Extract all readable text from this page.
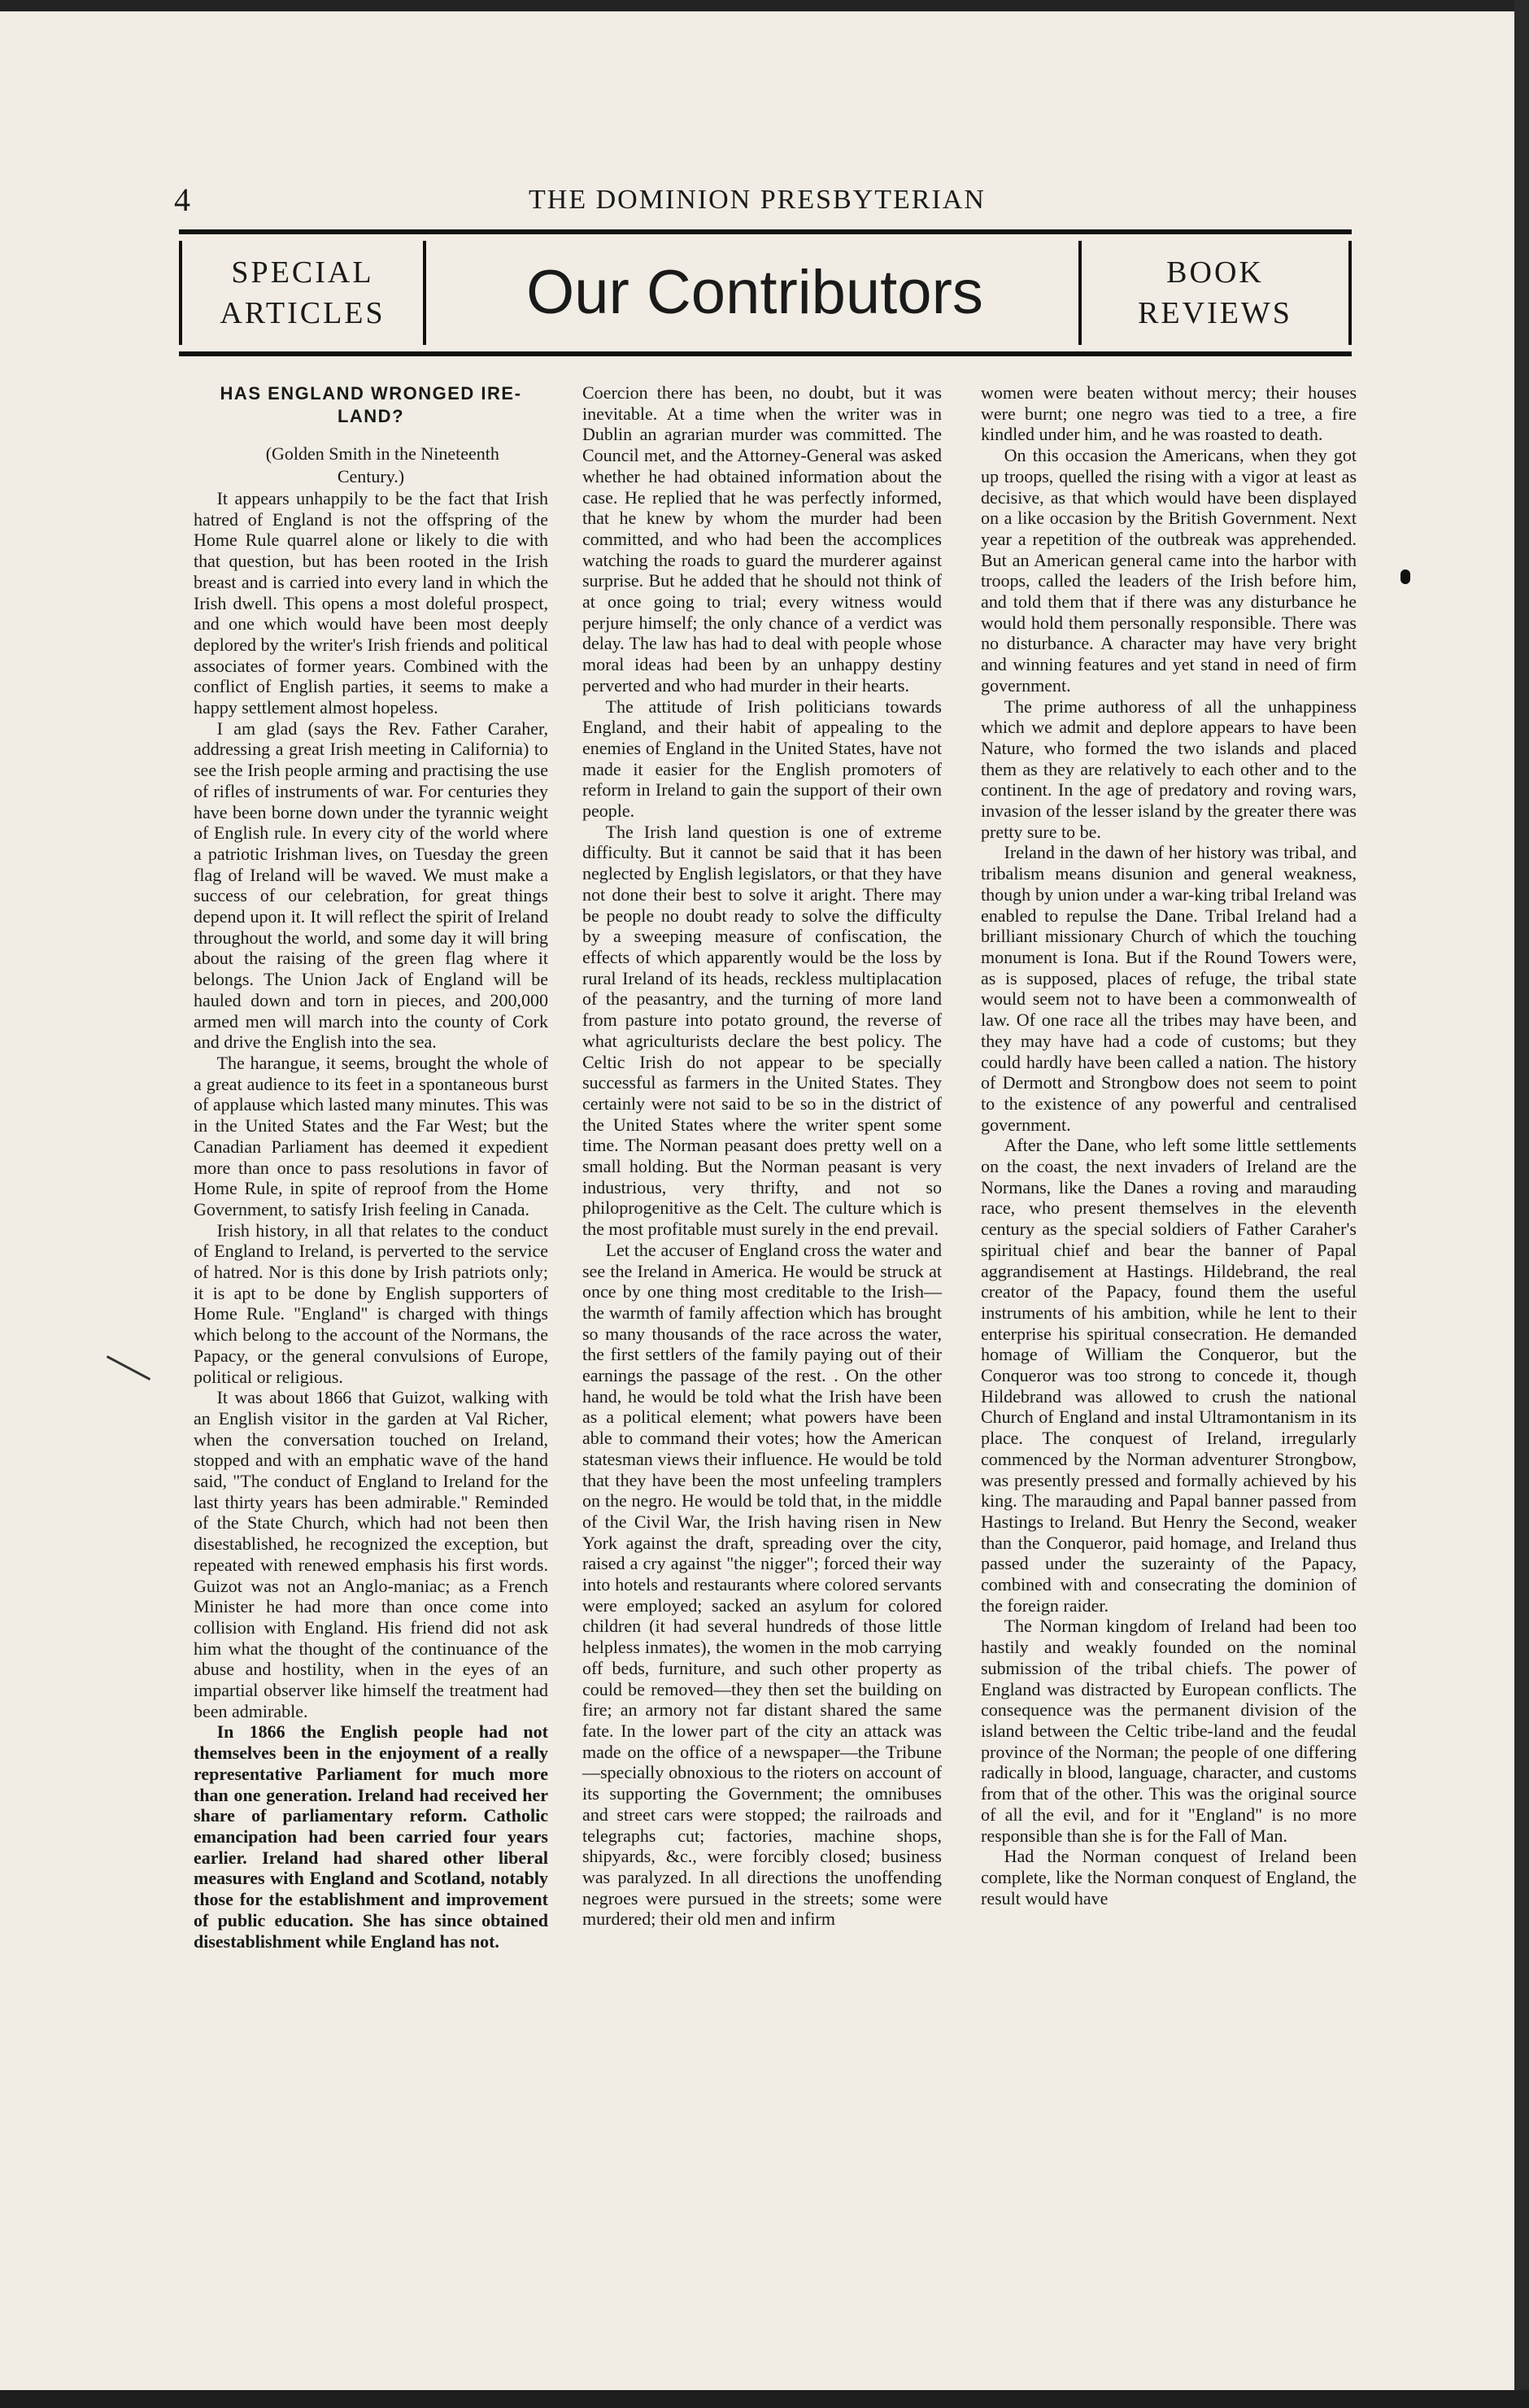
4	THE DOMINION PRESBYTERIAN
SPECIAL
ARTICLES	Our Contributors	BOOK
REVIEWS
HAS ENGLAND WRONGED IRE-LAND?

(Golden Smith in the Nineteenth Century.)

It appears unhappily to be the fact that Irish hatred of England is not the offspring of the Home Rule quarrel alone or likely to die with that question, but has been rooted in the Irish breast and is carried into every land in which the Irish dwell. This opens a most doleful prospect, and one which would have been most deeply deplored by the writer's Irish friends and political associates of former years. Combined with the conflict of English parties, it seems to make a happy settlement almost hopeless.

I am glad (says the Rev. Father Caraher, addressing a great Irish meeting in California) to see the Irish people arming and practising the use of rifles of instruments of war. For centuries they have been borne down under the tyrannic weight of English rule. In every city of the world where a patriotic Irishman lives, on Tuesday the green flag of Ireland will be waved. We must make a success of our celebration, for great things depend upon it. It will reflect the spirit of Ireland throughout the world, and some day it will bring about the raising of the green flag where it belongs. The Union Jack of England will be hauled down and torn in pieces, and 200,000 armed men will march into the county of Cork and drive the English into the sea.

The harangue, it seems, brought the whole of a great audience to its feet in a spontaneous burst of applause which lasted many minutes. This was in the United States and the Far West; but the Canadian Parliament has deemed it expedient more than once to pass resolutions in favor of Home Rule, in spite of reproof from the Home Government, to satisfy Irish feeling in Canada.

Irish history, in all that relates to the conduct of England to Ireland, is perverted to the service of hatred. Nor is this done by Irish patriots only; it is apt to be done by English supporters of Home Rule. "England" is charged with things which belong to the account of the Normans, the Papacy, or the general convulsions of Europe, political or religious.

It was about 1866 that Guizot, walking with an English visitor in the garden at Val Richer, when the conversation touched on Ireland, stopped and with an emphatic wave of the hand said, "The conduct of England to Ireland for the last thirty years has been admirable." Reminded of the State Church, which had not been then disestablished, he recognized the exception, but repeated with renewed emphasis his first words. Guizot was not an Anglo-maniac; as a French Minister he had more than once come into collision with England. His friend did not ask him what the thought of the continuance of the abuse and hostility, when in the eyes of an impartial observer like himself the treatment had been admirable.

In 1866 the English people had not themselves been in the enjoyment of a really representative Parliament for much more than one generation. Ireland had received her share of parliamentary reform. Catholic emancipation had been carried four years earlier. Ireland had shared other liberal measures with England and Scotland, notably those for the establishment and improvement of public education. She has since obtained disestablishment while England has not.

Coercion there has been, no doubt, but it was inevitable. At a time when the writer was in Dublin an agrarian murder was committed. The Council met, and the Attorney-General was asked whether he had obtained information about the case. He replied that he was perfectly informed, that he knew by whom the murder had been committed, and who had been the accomplices watching the roads to guard the murderer against surprise. But he added that he should not think of at once going to trial; every witness would perjure himself; the only chance of a verdict was delay. The law has had to deal with people whose moral ideas had been by an unhappy destiny perverted and who had murder in their hearts.

The attitude of Irish politicians towards England, and their habit of appealing to the enemies of England in the United States, have not made it easier for the English promoters of reform in Ireland to gain the support of their own people.

The Irish land question is one of extreme difficulty. But it cannot be said that it has been neglected by English legislators, or that they have not done their best to solve it aright. There may be people no doubt ready to solve the difficulty by a sweeping measure of confiscation, the effects of which apparently would be the loss by rural Ireland of its heads, reckless multiplacation of the peasantry, and the turning of more land from pasture into potato ground, the reverse of what agriculturists declare the best policy. The Celtic Irish do not appear to be specially successful as farmers in the United States. They certainly were not said to be so in the district of the United States where the writer spent some time. The Norman peasant does pretty well on a small holding. But the Norman peasant is very industrious, very thrifty, and not so philoprogenitive as the Celt. The culture which is the most profitable must surely in the end prevail.

Let the accuser of England cross the water and see the Ireland in America. He would be struck at once by one thing most creditable to the Irish—the warmth of family affection which has brought so many thousands of the race across the water, the first settlers of the family paying out of their earnings the passage of the rest. . On the other hand, he would be told what the Irish have been as a political element; what powers have been able to command their votes; how the American statesman views their influence. He would be told that they have been the most unfeeling tramplers on the negro. He would be told that, in the middle of the Civil War, the Irish having risen in New York against the draft, spreading over the city, raised a cry against "the nigger"; forced their way into hotels and restaurants where colored servants were employed; sacked an asylum for colored children (it had several hundreds of those little helpless inmates), the women in the mob carrying off beds, furniture, and such other property as could be removed—they then set the building on fire; an armory not far distant shared the same fate. In the lower part of the city an attack was made on the office of a newspaper—the Tribune—specially obnoxious to the rioters on account of its supporting the Government; the omnibuses and street cars were stopped; the railroads and telegraphs cut; factories, machine shops, shipyards, &c., were forcibly closed; business was paralyzed. In all directions the unoffending negroes were pursued in the streets; some were murdered; their old men and infirm

women were beaten without mercy; their houses were burnt; one negro was tied to a tree, a fire kindled under him, and he was roasted to death.

On this occasion the Americans, when they got up troops, quelled the rising with a vigor at least as decisive, as that which would have been displayed on a like occasion by the British Government. Next year a repetition of the outbreak was apprehended. But an American general came into the harbor with troops, called the leaders of the Irish before him, and told them that if there was any disturbance he would hold them personally responsible. There was no disturbance. A character may have very bright and winning features and yet stand in need of firm government.

The prime authoress of all the unhappiness which we admit and deplore appears to have been Nature, who formed the two islands and placed them as they are relatively to each other and to the continent. In the age of predatory and roving wars, invasion of the lesser island by the greater there was pretty sure to be.

Ireland in the dawn of her history was tribal, and tribalism means disunion and general weakness, though by union under a war-king tribal Ireland was enabled to repulse the Dane. Tribal Ireland had a brilliant missionary Church of which the touching monument is Iona. But if the Round Towers were, as is supposed, places of refuge, the tribal state would seem not to have been a commonwealth of law. Of one race all the tribes may have been, and they may have had a code of customs; but they could hardly have been called a nation. The history of Dermott and Strongbow does not seem to point to the existence of any powerful and centralised government.

After the Dane, who left some little settlements on the coast, the next invaders of Ireland are the Normans, like the Danes a roving and marauding race, who present themselves in the eleventh century as the special soldiers of Father Caraher's spiritual chief and bear the banner of Papal aggrandisement at Hastings. Hildebrand, the real creator of the Papacy, found them the useful instruments of his ambition, while he lent to their enterprise his spiritual consecration. He demanded homage of William the Conqueror, but the Conqueror was too strong to concede it, though Hildebrand was allowed to crush the national Church of England and instal Ultramontanism in its place. The conquest of Ireland, irregularly commenced by the Norman adventurer Strongbow, was presently pressed and formally achieved by his king. The marauding and Papal banner passed from Hastings to Ireland. But Henry the Second, weaker than the Conqueror, paid homage, and Ireland thus passed under the suzerainty of the Papacy, combined with and consecrating the dominion of the foreign raider.

The Norman kingdom of Ireland had been too hastily and weakly founded on the nominal submission of the tribal chiefs. The power of England was distracted by European conflicts. The consequence was the permanent division of the island between the Celtic tribe-land and the feudal province of the Norman; the people of one differing radically in blood, language, character, and customs from that of the other. This was the original source of all the evil, and for it "England" is no more responsible than she is for the Fall of Man.

Had the Norman conquest of Ireland been complete, like the Norman conquest of England, the result would have
